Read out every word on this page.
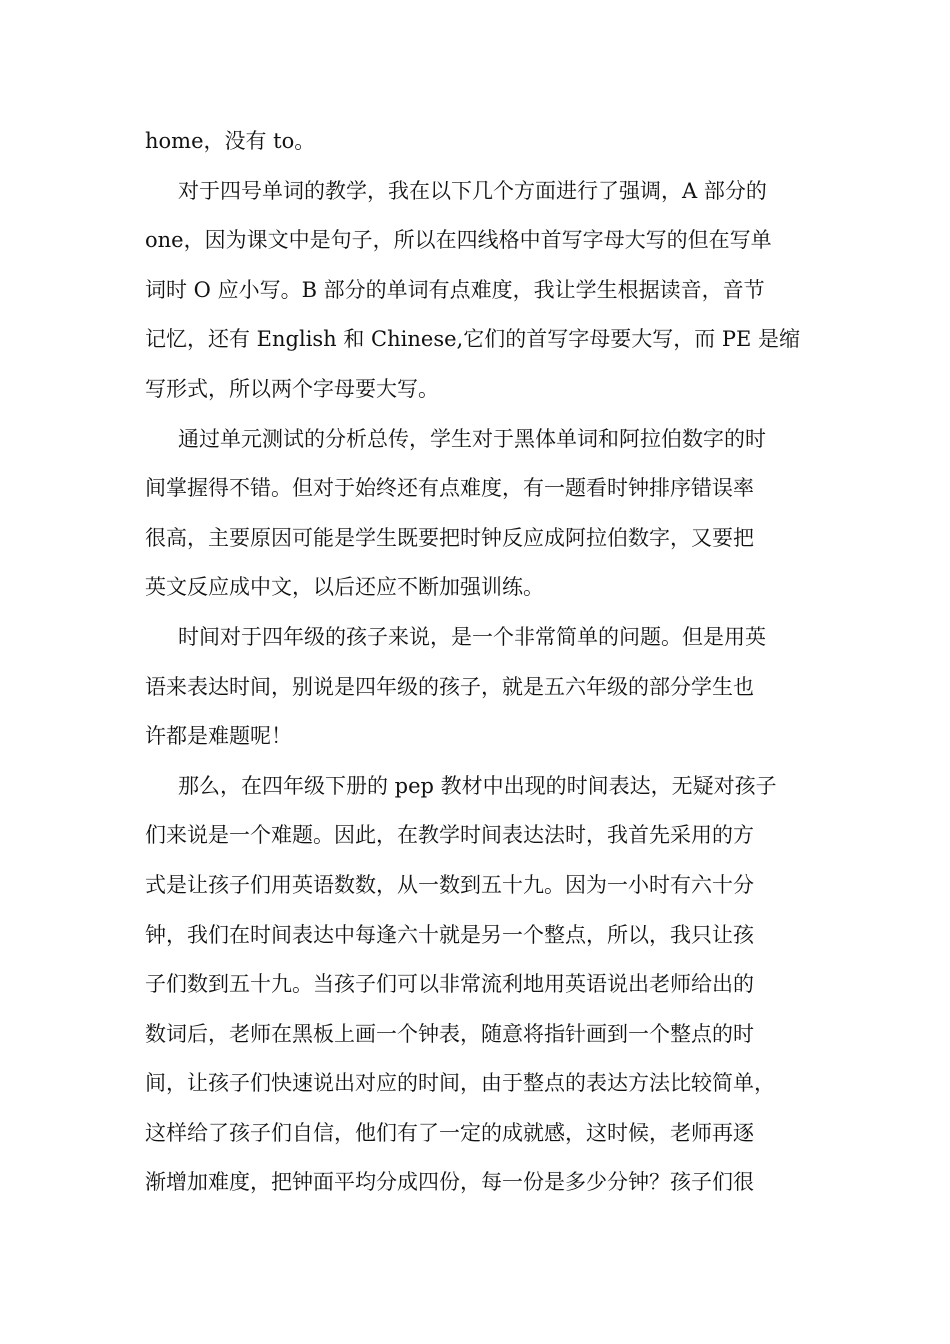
home，没有 to。
对于四号单词的教学，我在以下几个方面进行了强调，A 部分的
one，因为课文中是句子，所以在四线格中首写字母大写的但在写单
词时 O 应小写。B 部分的单词有点难度，我让学生根据读音，音节
记忆，还有 English 和 Chinese,它们的首写字母要大写，而 PE 是缩
写形式，所以两个字母要大写。
通过单元测试的分析总传，学生对于黑体单词和阿拉伯数字的时
间掌握得不错。但对于始终还有点难度，有一题看时钟排序错误率
很高，主要原因可能是学生既要把时钟反应成阿拉伯数字，又要把
英文反应成中文，以后还应不断加强训练。
时间对于四年级的孩子来说，是一个非常简单的问题。但是用英
语来表达时间，别说是四年级的孩子，就是五六年级的部分学生也
许都是难题呢！
那么，在四年级下册的 pep 教材中出现的时间表达，无疑对孩子
们来说是一个难题。因此，在教学时间表达法时，我首先采用的方
式是让孩子们用英语数数，从一数到五十九。因为一小时有六十分
钟，我们在时间表达中每逢六十就是另一个整点，所以，我只让孩
子们数到五十九。当孩子们可以非常流利地用英语说出老师给出的
数词后，老师在黑板上画一个钟表，随意将指针画到一个整点的时
间，让孩子们快速说出对应的时间，由于整点的表达方法比较简单，
这样给了孩子们自信，他们有了一定的成就感，这时候，老师再逐
渐增加难度，把钟面平均分成四份，每一份是多少分钟？孩子们很
